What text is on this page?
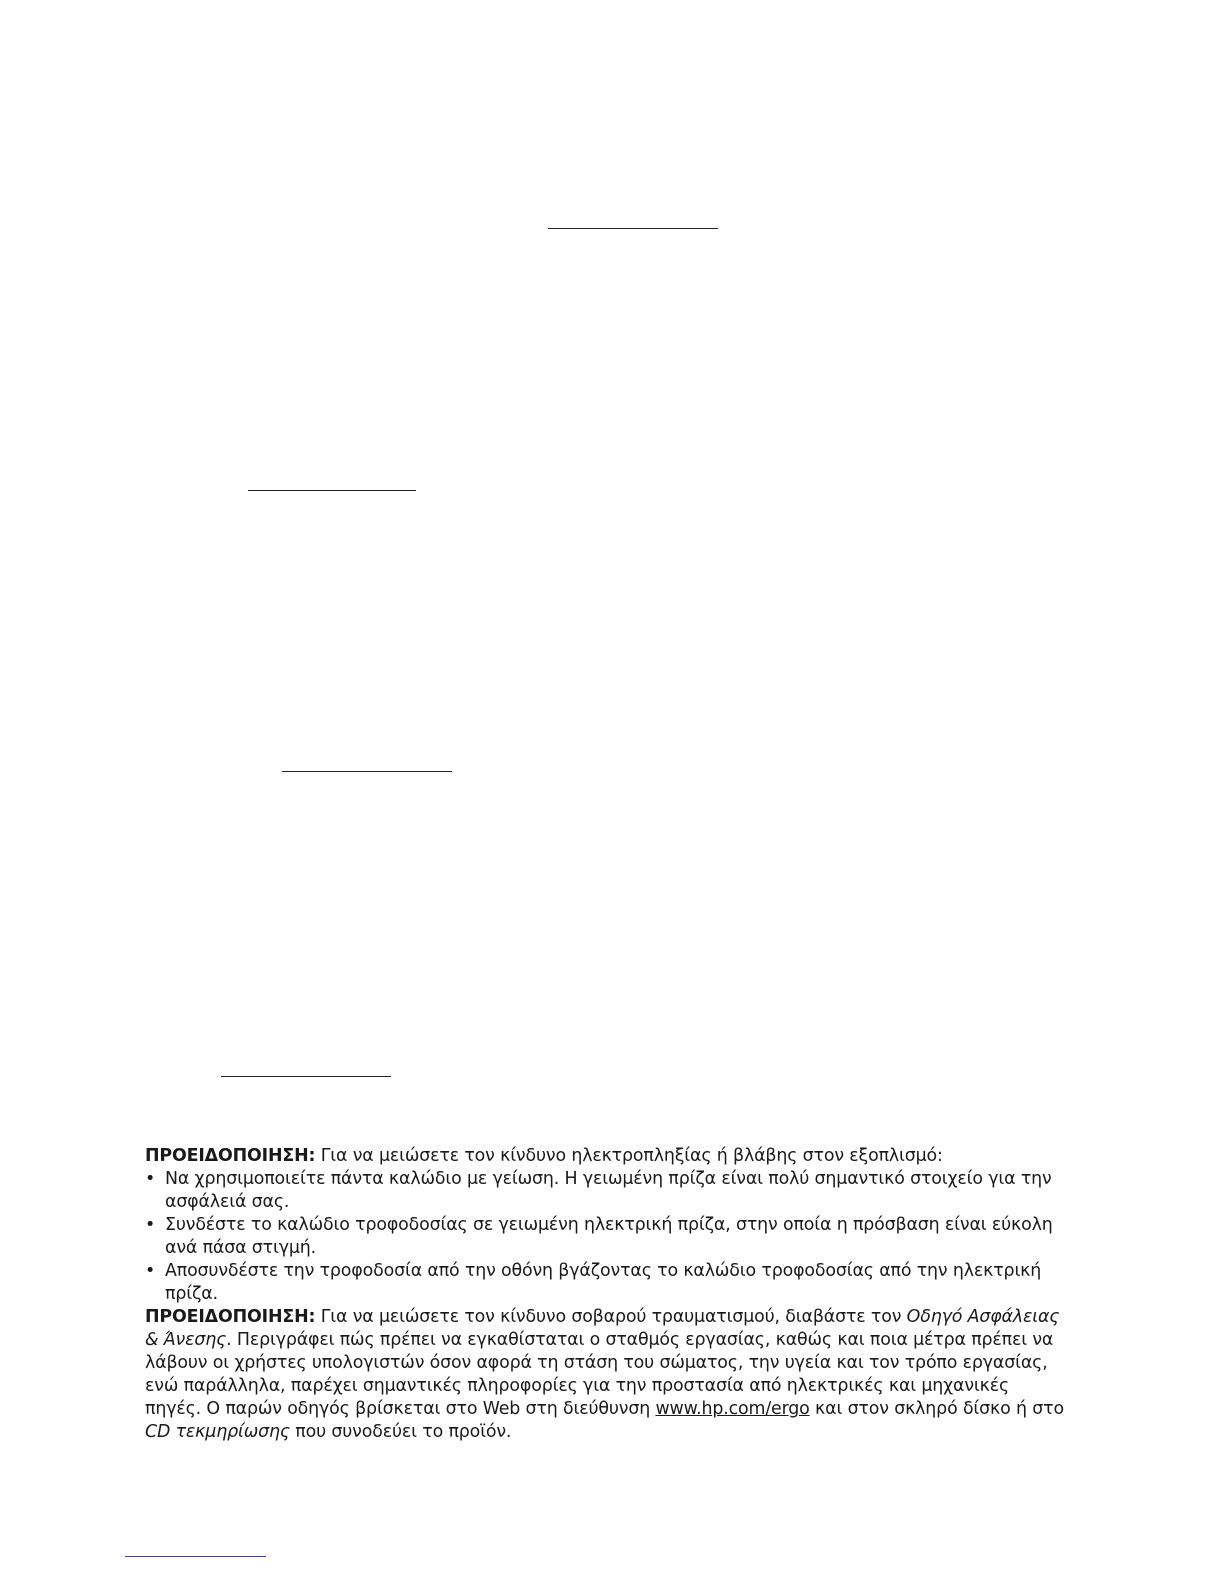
ΠΡΟΕΙΔΟΠΟΙΗΣΗ: Για να μειώσετε τον κίνδυνο ηλεκτροπληξίας ή βλάβης στον εξοπλισμό:

• Να χρησιμοποιείτε πάντα καλώδιο με γείωση. Η γειωμένη πρίζα είναι πολύ σημαντικό στοιχείο για την ασφάλειά σας.
• Συνδέστε το καλώδιο τροφοδοσίας σε γειωμένη ηλεκτρική πρίζα, στην οποία η πρόσβαση είναι εύκολη ανά πάσα στιγμή.
• Αποσυνδέστε την τροφοδοσία από την οθόνη βγάζοντας το καλώδιο τροφοδοσίας από την ηλεκτρική πρίζα.

ΠΡΟΕΙΔΟΠΟΙΗΣΗ: Για να μειώσετε τον κίνδυνο σοβαρού τραυματισμού, διαβάστε τον Οδηγό Ασφάλειας & Άνεσης. Περιγράφει πώς πρέπει να εγκαθίσταται ο σταθμός εργασίας, καθώς και ποια μέτρα πρέπει να λάβουν οι χρήστες υπολογιστών όσον αφορά τη στάση του σώματος, την υγεία και τον τρόπο εργασίας, ενώ παράλληλα, παρέχει σημαντικές πληροφορίες για την προστασία από ηλεκτρικές και μηχανικές πηγές. Ο παρών οδηγός βρίσκεται στο Web στη διεύθυνση www.hp.com/ergo και στον σκληρό δίσκο ή στο CD τεκμηρίωσης που συνοδεύει το προϊόν.
